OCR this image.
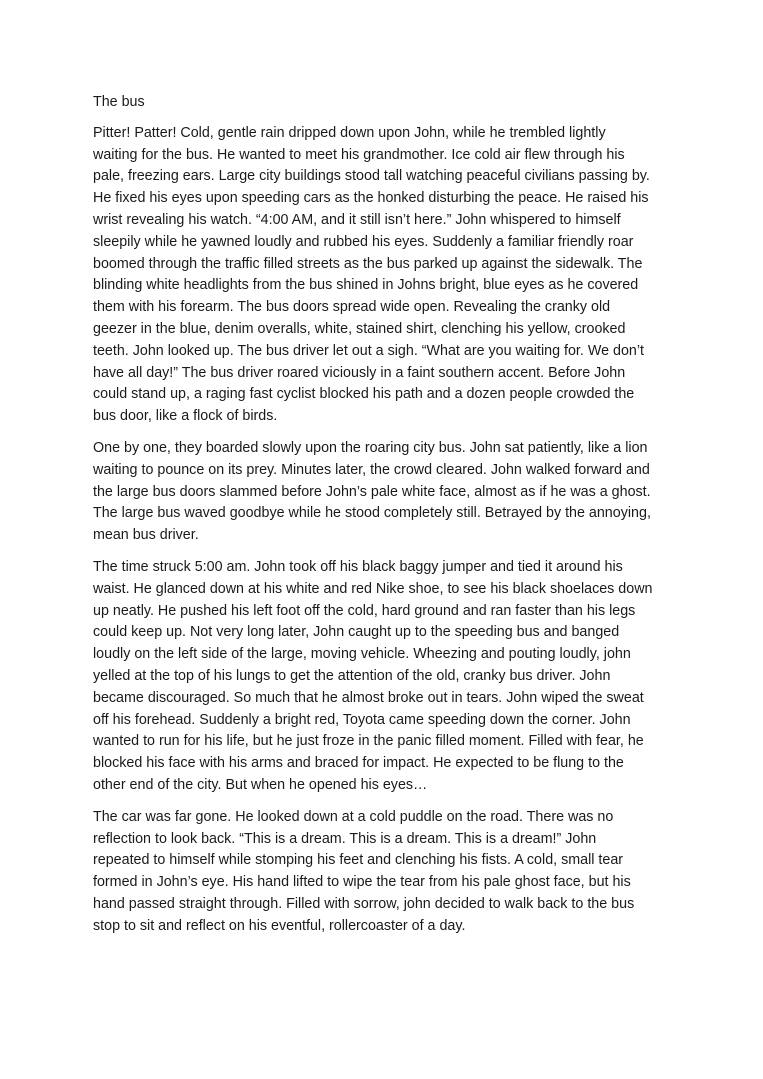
The bus
Pitter! Patter! Cold, gentle rain dripped down upon John, while he trembled lightly
waiting for the bus. He wanted to meet his grandmother. Ice cold air flew through his
pale, freezing ears. Large city buildings stood tall watching peaceful civilians passing by.
He fixed his eyes upon speeding cars as the honked disturbing the peace. He raised his
wrist revealing his watch. “4:00 AM, and it still isn’t here.” John whispered to himself
sleepily while he yawned loudly and rubbed his eyes. Suddenly a familiar friendly roar
boomed through the traffic filled streets as the bus parked up against the sidewalk. The
blinding white headlights from the bus shined in Johns bright, blue eyes as he covered
them with his forearm. The bus doors spread wide open. Revealing the cranky old
geezer in the blue, denim overalls, white, stained shirt, clenching his yellow, crooked
teeth. John looked up. The bus driver let out a sigh. “What are you waiting for. We don’t
have all day!” The bus driver roared viciously in a faint southern accent. Before John
could stand up, a raging fast cyclist blocked his path and a dozen people crowded the
bus door, like a flock of birds.
One by one, they boarded slowly upon the roaring city bus. John sat patiently, like a lion
waiting to pounce on its prey. Minutes later, the crowd cleared. John walked forward and
the large bus doors slammed before John’s pale white face, almost as if he was a ghost.
The large bus waved goodbye while he stood completely still. Betrayed by the annoying,
mean bus driver.
The time struck 5:00 am. John took off his black baggy jumper and tied it around his
waist. He glanced down at his white and red Nike shoe, to see his black shoelaces down
up neatly. He pushed his left foot off the cold, hard ground and ran faster than his legs
could keep up. Not very long later, John caught up to the speeding bus and banged
loudly on the left side of the large, moving vehicle. Wheezing and pouting loudly, john
yelled at the top of his lungs to get the attention of the old, cranky bus driver. John
became discouraged. So much that he almost broke out in tears. John wiped the sweat
off his forehead. Suddenly a bright red, Toyota came speeding down the corner. John
wanted to run for his life, but he just froze in the panic filled moment. Filled with fear, he
blocked his face with his arms and braced for impact. He expected to be flung to the
other end of the city. But when he opened his eyes…
The car was far gone. He looked down at a cold puddle on the road. There was no
reflection to look back. “This is a dream. This is a dream. This is a dream!” John
repeated to himself while stomping his feet and clenching his fists. A cold, small tear
formed in John’s eye. His hand lifted to wipe the tear from his pale ghost face, but his
hand passed straight through. Filled with sorrow, john decided to walk back to the bus
stop to sit and reflect on his eventful, rollercoaster of a day.
